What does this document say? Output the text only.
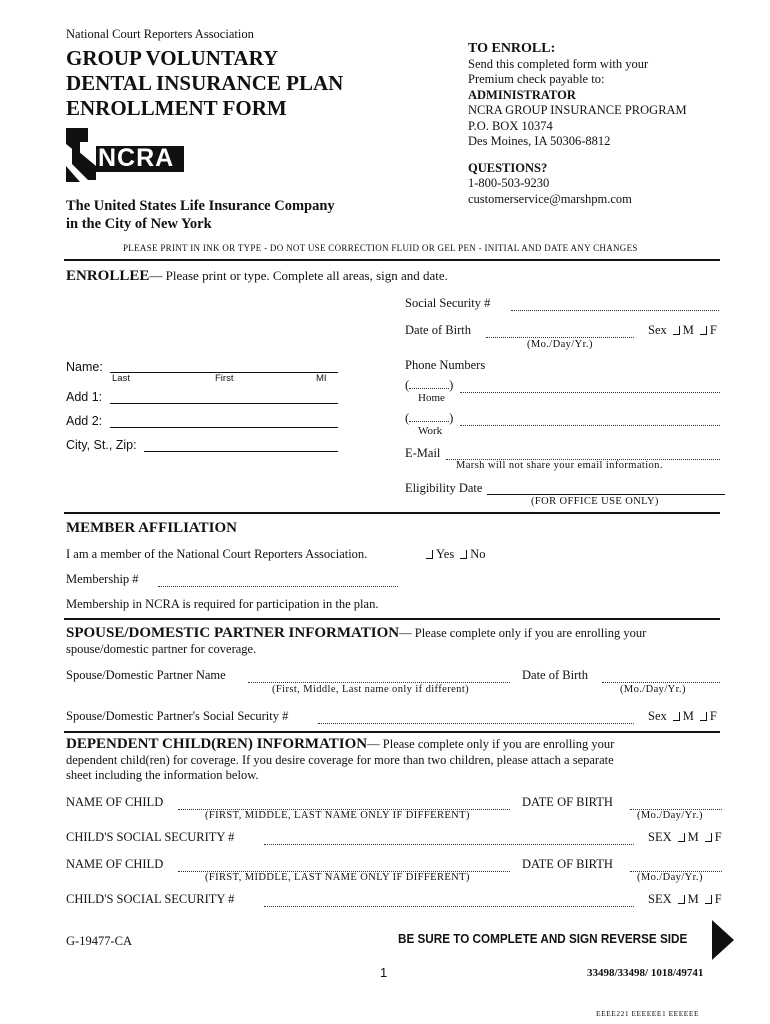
National Court Reporters Association
GROUP VOLUNTARY
DENTAL INSURANCE PLAN
ENROLLMENT FORM
NCRA
The United States Life Insurance Company
in the City of New York
TO ENROLL:
Send this completed form with your
Premium check payable to:
ADMINISTRATOR
NCRA GROUP INSURANCE PROGRAM
P.O. BOX 10374
Des Moines, IA 50306-8812
QUESTIONS?
1-800-503-9230
customerservice@marshpm.com
PLEASE PRINT IN INK OR TYPE - DO NOT USE CORRECTION FLUID OR GEL PEN - INITIAL AND DATE ANY CHANGES
ENROLLEE— Please print or type. Complete all areas, sign and date.
Social Security #
Date of Birth
(Mo./Day/Yr.)
Sex M F
Name:
Last	First	MI
Add 1:
Add 2:
City, St., Zip:
Phone Numbers
(	)
Home
(	)
Work
E-Mail
Marsh will not share your email information.
Eligibility Date
(FOR OFFICE USE ONLY)
MEMBER AFFILIATION
I am a member of the National Court Reporters Association.	Yes No
Membership #
Membership in NCRA is required for participation in the plan.
SPOUSE/DOMESTIC PARTNER INFORMATION— Please complete only if you are enrolling your
spouse/domestic partner for coverage.
Spouse/Domestic Partner Name
(First, Middle, Last name only if different)
Date of Birth
(Mo./Day/Yr.)
Spouse/Domestic Partner's Social Security #	Sex M F
DEPENDENT CHILD(REN) INFORMATION— Please complete only if you are enrolling your
dependent child(ren) for coverage. If you desire coverage for more than two children, please attach a separate
sheet including the information below.
NAME OF CHILD
(FIRST, MIDDLE, LAST NAME ONLY IF DIFFERENT)
DATE OF BIRTH
(Mo./Day/Yr.)
CHILD'S SOCIAL SECURITY #	SEX M F
NAME OF CHILD
(FIRST, MIDDLE, LAST NAME ONLY IF DIFFERENT)
DATE OF BIRTH
(Mo./Day/Yr.)
CHILD'S SOCIAL SECURITY #	SEX M F
G-19477-CA	BE SURE TO COMPLETE AND SIGN REVERSE SIDE
1	33498/33498/ 1018/49741
EEEE221 EEEEEE1 EEEEEE
